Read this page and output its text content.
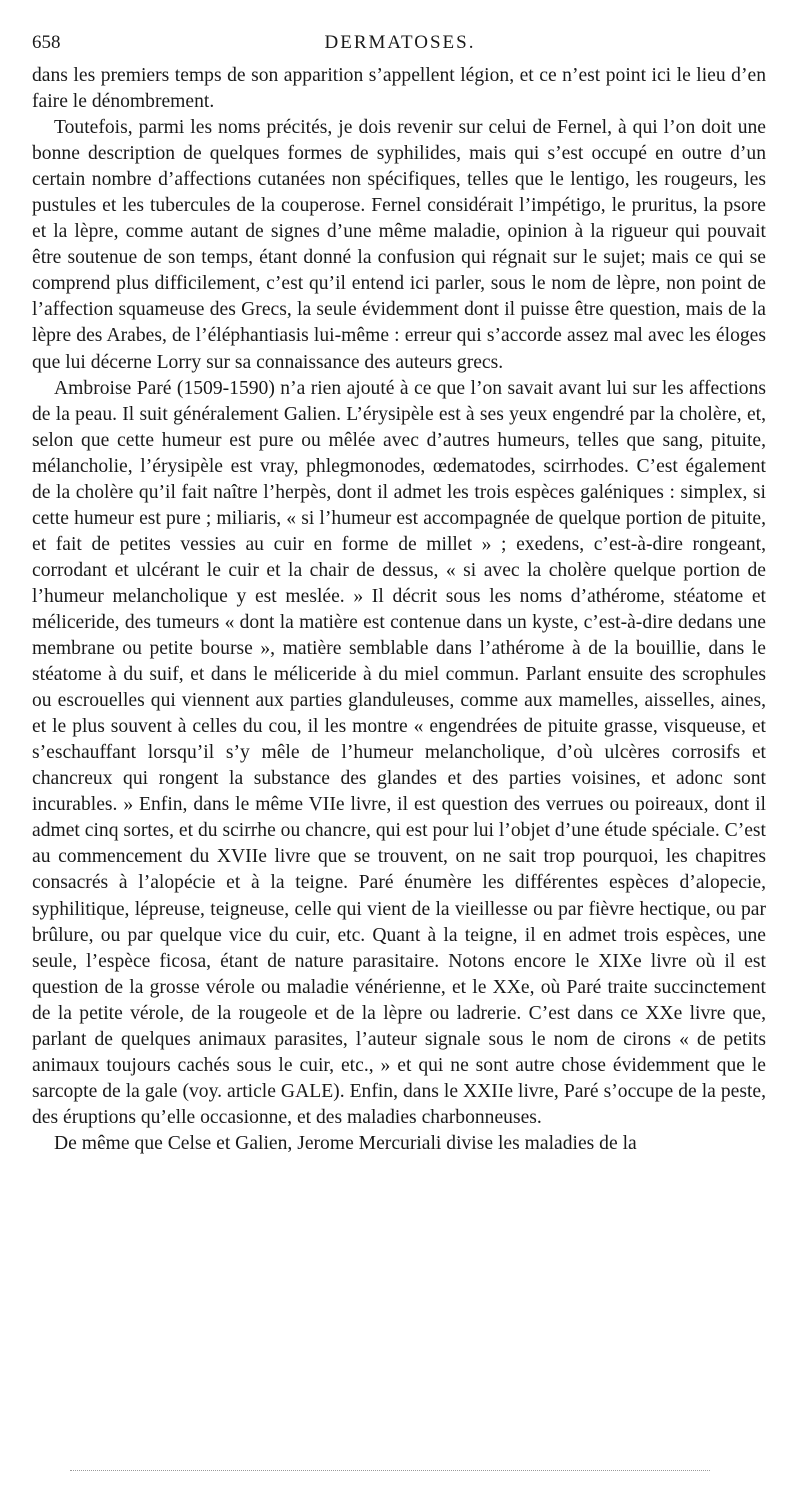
658	DERMATOSES.

dans les premiers temps de son apparition s’appellent légion, et ce n’est point ici le lieu d’en faire le dénombrement.

Toutefois, parmi les noms précités, je dois revenir sur celui de Fernel, à qui l’on doit une bonne description de quelques formes de syphilides, mais qui s’est occupé en outre d’un certain nombre d’affections cutanées non spécifiques, telles que le lentigo, les rougeurs, les pustules et les tubercules de la couperose. Fernel considérait l’impétigo, le pruritus, la psore et la lèpre, comme autant de signes d’une même maladie, opinion à la rigueur qui pouvait être soutenue de son temps, étant donné la confusion qui régnait sur le sujet; mais ce qui se comprend plus difficilement, c’est qu’il entend ici parler, sous le nom de lèpre, non point de l’affection squameuse des Grecs, la seule évidemment dont il puisse être question, mais de la lèpre des Arabes, de l’éléphantiasis lui-même : erreur qui s’accorde assez mal avec les éloges que lui décerne Lorry sur sa connaissance des auteurs grecs.

Ambroise Paré (1509-1590) n’a rien ajouté à ce que l’on savait avant lui sur les affections de la peau. Il suit généralement Galien. L’érysipèle est à ses yeux engendré par la cholère, et, selon que cette humeur est pure ou mêlée avec d’autres humeurs, telles que sang, pituite, mélancholie, l’érysipèle est vray, phlegmonodes, œdematodes, scirrhodes. C’est également de la cholère qu’il fait naître l’herpès, dont il admet les trois espèces galéniques : simplex, si cette humeur est pure ; miliaris, « si l’humeur est accompagnée de quelque portion de pituite, et fait de petites vessies au cuir en forme de millet » ; exedens, c’est-à-dire rongeant, corrodant et ulcérant le cuir et la chair de dessus, « si avec la cholère quelque portion de l’humeur melancholique y est meslée. » Il décrit sous les noms d’athérome, stéatome et méliceride, des tumeurs « dont la matière est contenue dans un kyste, c’est-à-dire dedans une membrane ou petite bourse », matière semblable dans l’athérome à de la bouillie, dans le stéatome à du suif, et dans le méliceride à du miel commun. Parlant ensuite des scrophules ou escrouelles qui viennent aux parties glanduleuses, comme aux mamelles, aisselles, aines, et le plus souvent à celles du cou, il les montre « engendrées de pituite grasse, visqueuse, et s’eschauffant lorsqu’il s’y mêle de l’humeur melancholique, d’où ulcères corrosifs et chancreux qui rongent la substance des glandes et des parties voisines, et adonc sont incurables. » Enfin, dans le même VIIe livre, il est question des verrues ou poireaux, dont il admet cinq sortes, et du scirrhe ou chancre, qui est pour lui l’objet d’une étude spéciale. C’est au commencement du XVIIe livre que se trouvent, on ne sait trop pourquoi, les chapitres consacrés à l’alopécie et à la teigne. Paré énumère les différentes espèces d’alopecie, syphilitique, lépreuse, teigneuse, celle qui vient de la vieillesse ou par fièvre hectique, ou par brûlure, ou par quelque vice du cuir, etc. Quant à la teigne, il en admet trois espèces, une seule, l’espèce ficosa, étant de nature parasitaire. Notons encore le XIXe livre où il est question de la grosse vérole ou maladie vénérienne, et le XXe, où Paré traite succinctement de la petite vérole, de la rougeole et de la lèpre ou ladrerie. C’est dans ce XXe livre que, parlant de quelques animaux parasites, l’auteur signale sous le nom de cirons « de petits animaux toujours cachés sous le cuir, etc., » et qui ne sont autre chose évidemment que le sarcopte de la gale (voy. article GALE). Enfin, dans le XXIIe livre, Paré s’occupe de la peste, des éruptions qu’elle occasionne, et des maladies charbonneuses.

De même que Celse et Galien, Jerome Mercuriali divise les maladies de la
